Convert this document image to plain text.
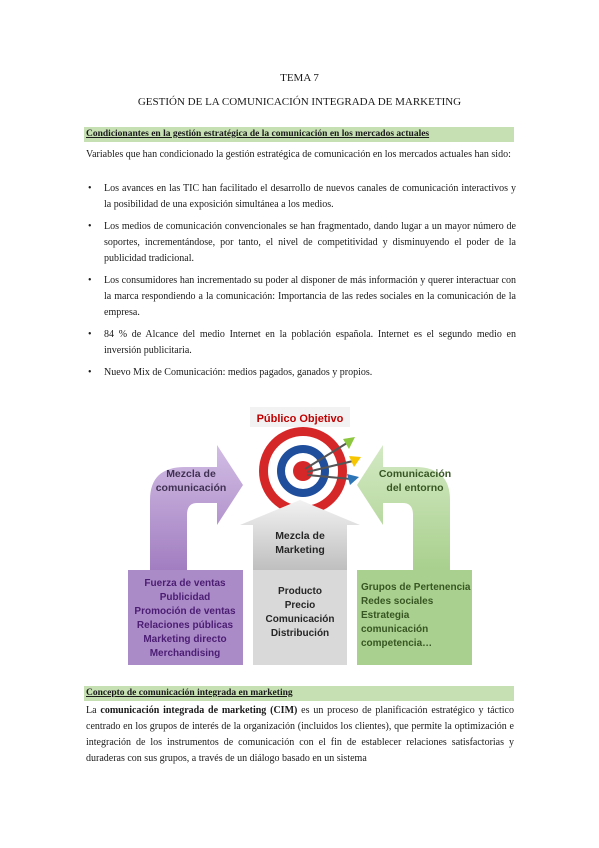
TEMA 7
GESTIÓN DE LA COMUNICACIÓN INTEGRADA DE MARKETING
Condicionantes en la gestión estratégica de la comunicación en los mercados actuales
Variables que han condicionado la gestión estratégica de comunicación en los mercados actuales han sido:
• Los avances en las TIC han facilitado el desarrollo de nuevos canales de comunicación interactivos y la posibilidad de una exposición simultánea a los medios.
• Los medios de comunicación convencionales se han fragmentado, dando lugar a un mayor número de soportes, incrementándose, por tanto, el nivel de competitividad y disminuyendo el poder de la publicidad tradicional.
• Los consumidores han incrementado su poder al disponer de más información y querer interactuar con la marca respondiendo a la comunicación: Importancia de las redes sociales en la comunicación de la empresa.
• 84 % de Alcance del medio Internet en la población española. Internet es el segundo medio en inversión publicitaria.
• Nuevo Mix de Comunicación: medios pagados, ganados y propios.
Público Objetivo
Mezcla de
comunicación
Comunicación
del entorno
Mezcla de
Marketing
Fuerza de ventas
Publicidad
Promoción de ventas
Relaciones públicas
Marketing directo
Merchandising
Producto
Precio
Comunicación
Distribución
Grupos de Pertenencia
Redes sociales
Estrategia
comunicación
competencia…
Concepto de comunicación integrada en marketing
La comunicación integrada de marketing (CIM) es un proceso de planificación estratégico y táctico centrado en los grupos de interés de la organización (incluidos los clientes), que permite la optimización e integración de los instrumentos de comunicación con el fin de establecer relaciones satisfactorias y duraderas con sus grupos, a través de un diálogo basado en un sistema
